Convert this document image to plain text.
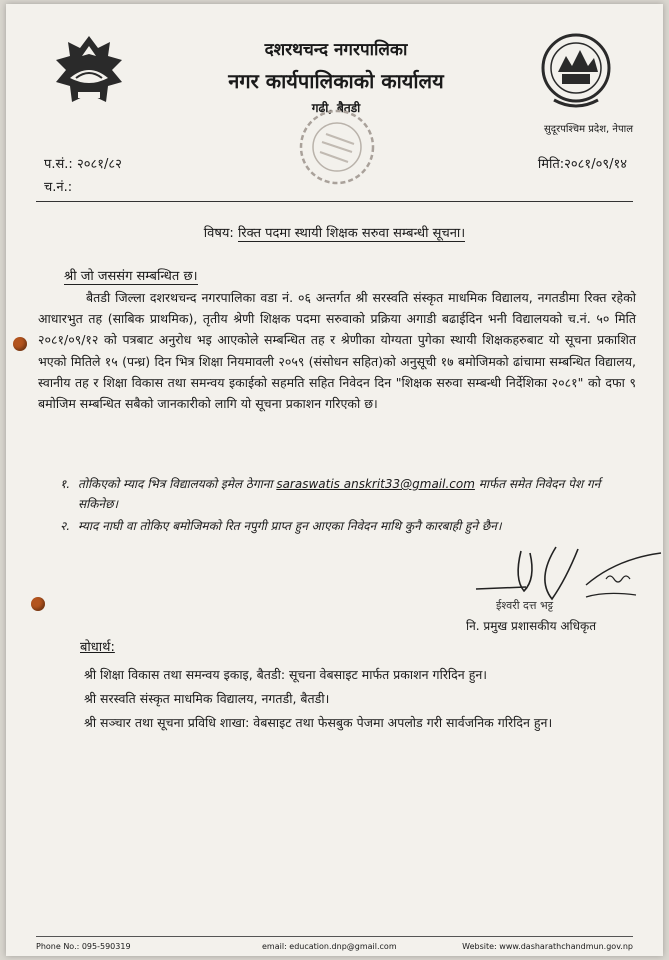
दशरथचन्द नगरपालिका
नगर कार्यपालिकाको कार्यालय
गढी, बैतडी
सुदूरपश्चिम प्रदेश, नेपाल
प.सं.: २०८१/८२
च.नं.:
मिति:२०८१/०९/१४
विषय: रिक्त पदमा स्थायी शिक्षक सरुवा सम्बन्धी सूचना।
श्री जो जससंग सम्बन्धित छ।
बैतडी जिल्ला दशरथचन्द नगरपालिका वडा नं. ०६ अन्तर्गत श्री सरस्वति संस्कृत माधमिक विद्यालय, नगतडीमा रिक्त रहेको आधारभुत तह (साबिक प्राथमिक), तृतीय श्रेणी शिक्षक पदमा सरुवाको प्रक्रिया अगाडी बढाईदिन भनी विद्यालयको च.नं. ५० मिति २०८१/०९/१२ को पत्रबाट अनुरोध भइ आएकोले सम्बन्धित तह र श्रेणीका योग्यता पुगेका स्थायी शिक्षकहरुबाट यो सूचना प्रकाशित भएको मितिले १५ (पन्ध्र) दिन भित्र शिक्षा नियमावली २०५९ (संसोधन सहित)को अनुसूची १७ बमोजिमको ढांचामा सम्बन्धित विद्यालय, स्वानीय तह र शिक्षा विकास तथा समन्वय इकाईको सहमति सहित निवेदन दिन "शिक्षक सरुवा सम्बन्धी निर्देशिका २०८१" को दफा ९ बमोजिम सम्बन्धित सबैको जानकारीको लागि यो सूचना प्रकाशन गरिएको छ।
१. तोकिएको म्याद भित्र विद्यालयको इमेल ठेगाना saraswatis anskrit33@gmail.com मार्फत समेत निवेदन पेश गर्न सकिनेछ।
२. म्याद नाघी वा तोकिए बमोजिमको रित नपुगी प्राप्त हुन आएका निवेदन माथि कुनै कारबाही हुने छैन।
ईश्वरी दत्त भट्ट
नि. प्रमुख प्रशासकीय अधिकृत
बोधार्थ:
श्री शिक्षा विकास तथा समन्वय इकाइ, बैतडी: सूचना वेबसाइट मार्फत प्रकाशन गरिदिन हुन।
श्री सरस्वति संस्कृत माधमिक विद्यालय, नगतडी, बैतडी।
श्री सञ्चार तथा सूचना प्रविधि शाखा: वेबसाइट तथा फेसबुक पेजमा अपलोड गरी सार्वजनिक गरिदिन हुन।
Phone No.: 095-590319	email: education.dnp@gmail.com	Website: www.dasharathchandmun.gov.np
